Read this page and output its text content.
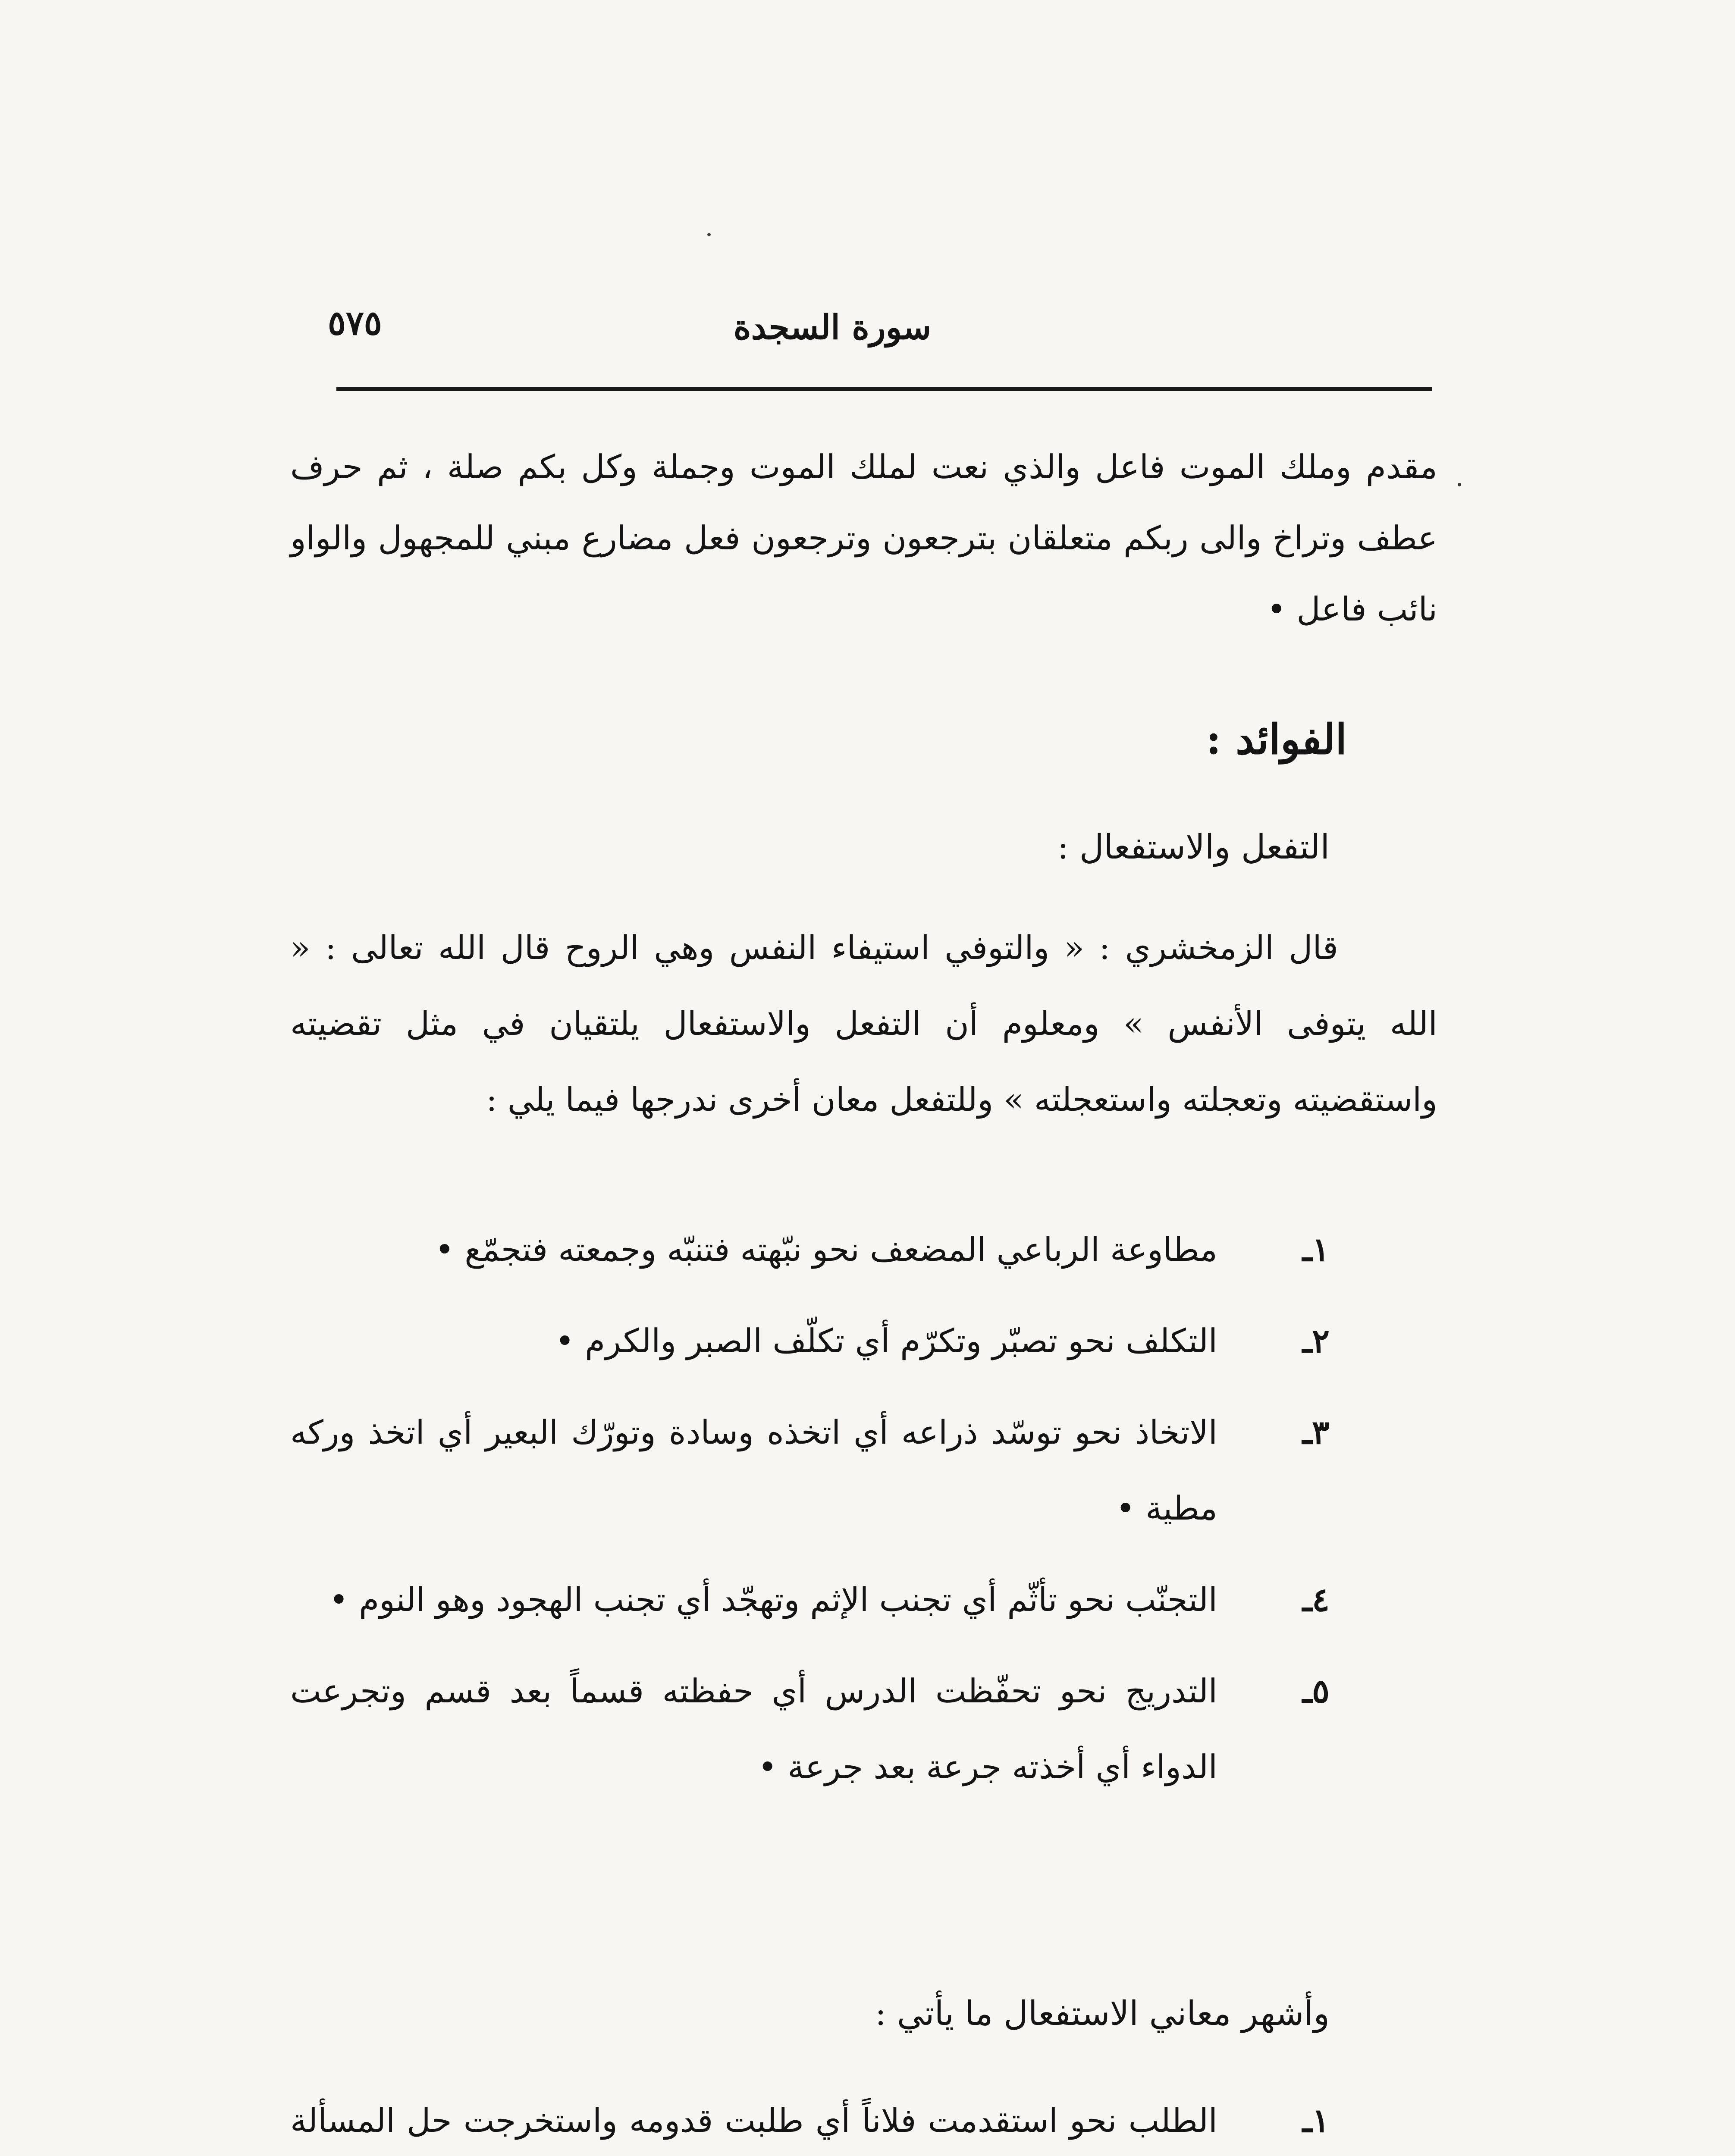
سورة السجدة
٥٧٥

مقدم وملك الموت فاعل والذي نعت لملك الموت وجملة وكل بكم صلة ، ثم حرف عطف وتراخ والى ربكم متعلقان بترجعون وترجعون فعل مضارع مبني للمجهول والواو نائب فاعل •

الفوائد :
التفعل والاستفعال :

قال الزمخشري : « والتوفي استيفاء النفس وهي الروح قال الله تعالى : « الله يتوفى الأنفس » ومعلوم أن التفعل والاستفعال يلتقيان في مثل تقضيته واستقضيته وتعجلته واستعجلته » وللتفعل معان أخرى ندرجها فيما يلي :

١ـ
مطاوعة الرباعي المضعف نحو نبّهته فتنبّه وجمعته فتجمّع •
٢ـ
التكلف نحو تصبّر وتكرّم أي تكلّف الصبر والكرم •
٣ـ
الاتخاذ نحو توسّد ذراعه أي اتخذه وسادة وتورّك البعير أي اتخذ وركه مطية •
٤ـ
التجنّب نحو تأثّم أي تجنب الإثم وتهجّد أي تجنب الهجود وهو النوم •
٥ـ
التدريج نحو تحفّظت الدرس أي حفظته قسماً بعد قسم وتجرعت الدواء أي أخذته جرعة بعد جرعة •
وأشهر معاني الاستفعال ما يأتي :
١ـ
الطلب نحو استقدمت فلاناً أي طلبت قدومه واستخرجت حل المسألة
